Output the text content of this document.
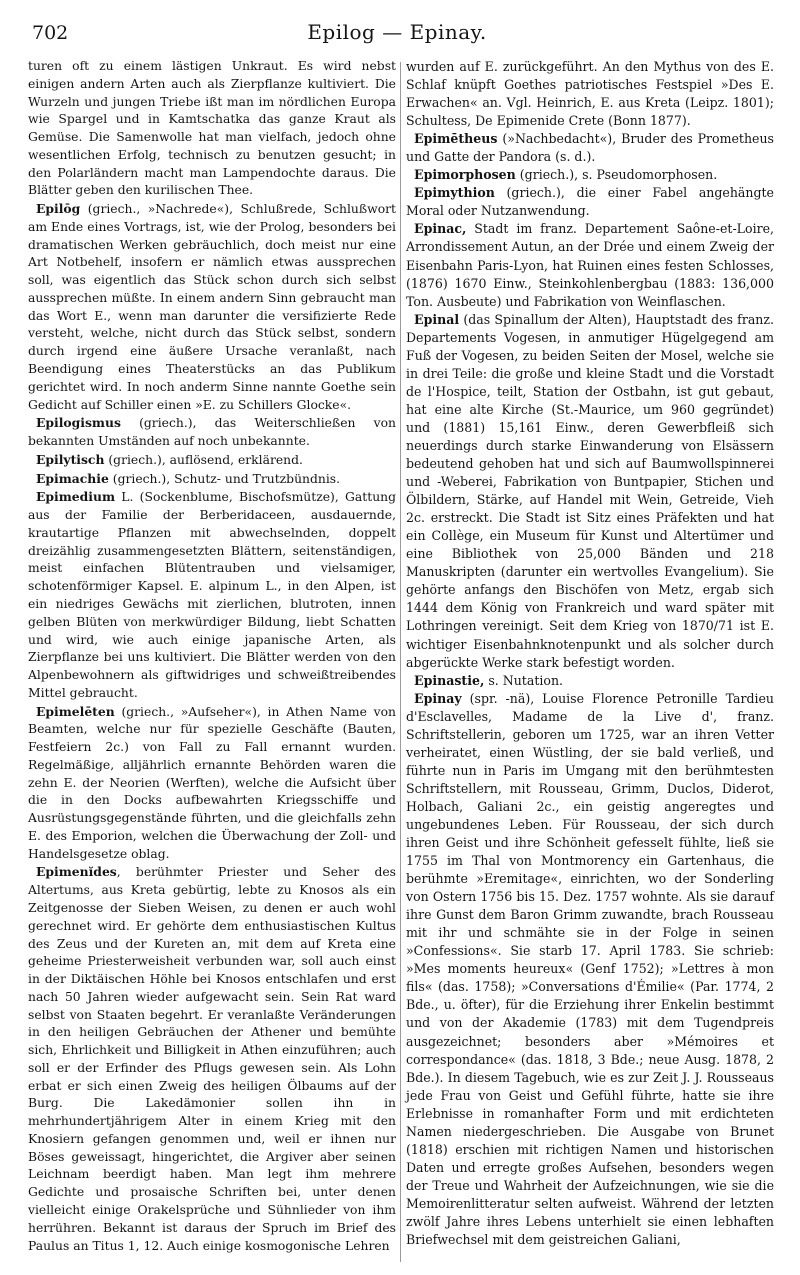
702	Epilog — Epinay.

turen oft zu einem lästigen Unkraut. Es wird nebst einigen andern Arten auch als Zierpflanze kultiviert. Die Wurzeln und jungen Triebe ißt man im nördlichen Europa wie Spargel und in Kamtschatka das ganze Kraut als Gemüse. Die Samenwolle hat man vielfach, jedoch ohne wesentlichen Erfolg, technisch zu benutzen gesucht; in den Polarländern macht man Lampendochte daraus. Die Blätter geben den kurilischen Thee.

Epilōg (griech., »Nachrede«), Schlußrede, Schlußwort am Ende eines Vortrags, ist, wie der Prolog, besonders bei dramatischen Werken gebräuchlich, doch meist nur eine Art Notbehelf, insofern er nämlich etwas aussprechen soll, was eigentlich das Stück schon durch sich selbst aussprechen müßte. In einem andern Sinn gebraucht man das Wort E., wenn man darunter die versifizierte Rede versteht, welche, nicht durch das Stück selbst, sondern durch irgend eine äußere Ursache veranlaßt, nach Beendigung eines Theaterstücks an das Publikum gerichtet wird. In noch anderm Sinne nannte Goethe sein Gedicht auf Schiller einen »E. zu Schillers Glocke«.

Epilogismus (griech.), das Weiterschließen von bekannten Umständen auf noch unbekannte.

Epilytisch (griech.), auflösend, erklärend.

Epimachie (griech.), Schutz- und Trutzbündnis.

Epimedium L. (Sockenblume, Bischofsmütze), Gattung aus der Familie der Berberidaceen, ausdauernde, krautartige Pflanzen mit abwechselnden, doppelt dreizählig zusammengesetzten Blättern, seitenständigen, meist einfachen Blütentrauben und vielsamiger, schotenförmiger Kapsel. E. alpinum L., in den Alpen, ist ein niedriges Gewächs mit zierlichen, blutroten, innen gelben Blüten von merkwürdiger Bildung, liebt Schatten und wird, wie auch einige japanische Arten, als Zierpflanze bei uns kultiviert. Die Blätter werden von den Alpenbewohnern als giftwidriges und schweißtreibendes Mittel gebraucht.

Epimelēten (griech., »Aufseher«), in Athen Name von Beamten, welche nur für spezielle Geschäfte (Bauten, Festfeiern 2c.) von Fall zu Fall ernannt wurden. Regelmäßige, alljährlich ernannte Behörden waren die zehn E. der Neorien (Werften), welche die Aufsicht über die in den Docks aufbewahrten Kriegsschiffe und Ausrüstungsgegenstände führten, und die gleichfalls zehn E. des Emporion, welchen die Überwachung der Zoll- und Handelsgesetze oblag.

Epimenĭdes, berühmter Priester und Seher des Altertums, aus Kreta gebürtig, lebte zu Knosos als ein Zeitgenosse der Sieben Weisen, zu denen er auch wohl gerechnet wird. Er gehörte dem enthusiastischen Kultus des Zeus und der Kureten an, mit dem auf Kreta eine geheime Priesterweisheit verbunden war, soll auch einst in der Diktäischen Höhle bei Knosos entschlafen und erst nach 50 Jahren wieder aufgewacht sein. Sein Rat ward selbst von Staaten begehrt. Er veranlaßte Veränderungen in den heiligen Gebräuchen der Athener und bemühte sich, Ehrlichkeit und Billigkeit in Athen einzuführen; auch soll er der Erfinder des Pflugs gewesen sein. Als Lohn erbat er sich einen Zweig des heiligen Ölbaums auf der Burg. Die Lakedämonier sollen ihn in mehrhundertjährigem Alter in einem Krieg mit den Knosiern gefangen genommen und, weil er ihnen nur Böses geweissagt, hingerichtet, die Argiver aber seinen Leichnam beerdigt haben. Man legt ihm mehrere Gedichte und prosaische Schriften bei, unter denen vielleicht einige Orakelsprüche und Sühnlieder von ihm herrühren. Bekannt ist daraus der Spruch im Brief des Paulus an Titus 1, 12. Auch einige kosmogonische Lehren

wurden auf E. zurückgeführt. An den Mythus von des E. Schlaf knüpft Goethes patriotisches Festspiel »Des E. Erwachen« an. Vgl. Heinrich, E. aus Kreta (Leipz. 1801); Schultess, De Epimenide Crete (Bonn 1877).

Epimētheus (»Nachbedacht«), Bruder des Prometheus und Gatte der Pandora (s. d.).

Epimorphosen (griech.), s. Pseudomorphosen.

Epimythion (griech.), die einer Fabel angehängte Moral oder Nutzanwendung.

Epinac, Stadt im franz. Departement Saône-et-Loire, Arrondissement Autun, an der Drée und einem Zweig der Eisenbahn Paris-Lyon, hat Ruinen eines festen Schlosses, (1876) 1670 Einw., Steinkohlenbergbau (1883: 136,000 Ton. Ausbeute) und Fabrikation von Weinflaschen.

Epinal (das Spinallum der Alten), Hauptstadt des franz. Departements Vogesen, in anmutiger Hügelgegend am Fuß der Vogesen, zu beiden Seiten der Mosel, welche sie in drei Teile: die große und kleine Stadt und die Vorstadt de l'Hospice, teilt, Station der Ostbahn, ist gut gebaut, hat eine alte Kirche (St.-Maurice, um 960 gegründet) und (1881) 15,161 Einw., deren Gewerbfleiß sich neuerdings durch starke Einwanderung von Elsässern bedeutend gehoben hat und sich auf Baumwollspinnerei und -Weberei, Fabrikation von Buntpapier, Stichen und Ölbildern, Stärke, auf Handel mit Wein, Getreide, Vieh 2c. erstreckt. Die Stadt ist Sitz eines Präfekten und hat ein Collège, ein Museum für Kunst und Altertümer und eine Bibliothek von 25,000 Bänden und 218 Manuskripten (darunter ein wertvolles Evangelium). Sie gehörte anfangs den Bischöfen von Metz, ergab sich 1444 dem König von Frankreich und ward später mit Lothringen vereinigt. Seit dem Krieg von 1870/71 ist E. wichtiger Eisenbahnknotenpunkt und als solcher durch abgerückte Werke stark befestigt worden.

Epinastie, s. Nutation.

Epinay (spr. -nä), Louise Florence Petronille Tardieu d'Esclavelles, Madame de la Live d', franz. Schriftstellerin, geboren um 1725, war an ihren Vetter verheiratet, einen Wüstling, der sie bald verließ, und führte nun in Paris im Umgang mit den berühmtesten Schriftstellern, mit Rousseau, Grimm, Duclos, Diderot, Holbach, Galiani 2c., ein geistig angeregtes und ungebundenes Leben. Für Rousseau, der sich durch ihren Geist und ihre Schönheit gefesselt fühlte, ließ sie 1755 im Thal von Montmorency ein Gartenhaus, die berühmte »Eremitage«, einrichten, wo der Sonderling von Ostern 1756 bis 15. Dez. 1757 wohnte. Als sie darauf ihre Gunst dem Baron Grimm zuwandte, brach Rousseau mit ihr und schmähte sie in der Folge in seinen »Confessions«. Sie starb 17. April 1783. Sie schrieb: »Mes moments heureux« (Genf 1752); »Lettres à mon fils« (das. 1758); »Conversations d'Émilie« (Par. 1774, 2 Bde., u. öfter), für die Erziehung ihrer Enkelin bestimmt und von der Akademie (1783) mit dem Tugendpreis ausgezeichnet; besonders aber »Mémoires et correspondance« (das. 1818, 3 Bde.; neue Ausg. 1878, 2 Bde.). In diesem Tagebuch, wie es zur Zeit J. J. Rousseaus jede Frau von Geist und Gefühl führte, hatte sie ihre Erlebnisse in romanhafter Form und mit erdichteten Namen niedergeschrieben. Die Ausgabe von Brunet (1818) erschien mit richtigen Namen und historischen Daten und erregte großes Aufsehen, besonders wegen der Treue und Wahrheit der Aufzeichnungen, wie sie die Memoirenlitteratur selten aufweist. Während der letzten zwölf Jahre ihres Lebens unterhielt sie einen lebhaften Briefwechsel mit dem geistreichen Galiani,
